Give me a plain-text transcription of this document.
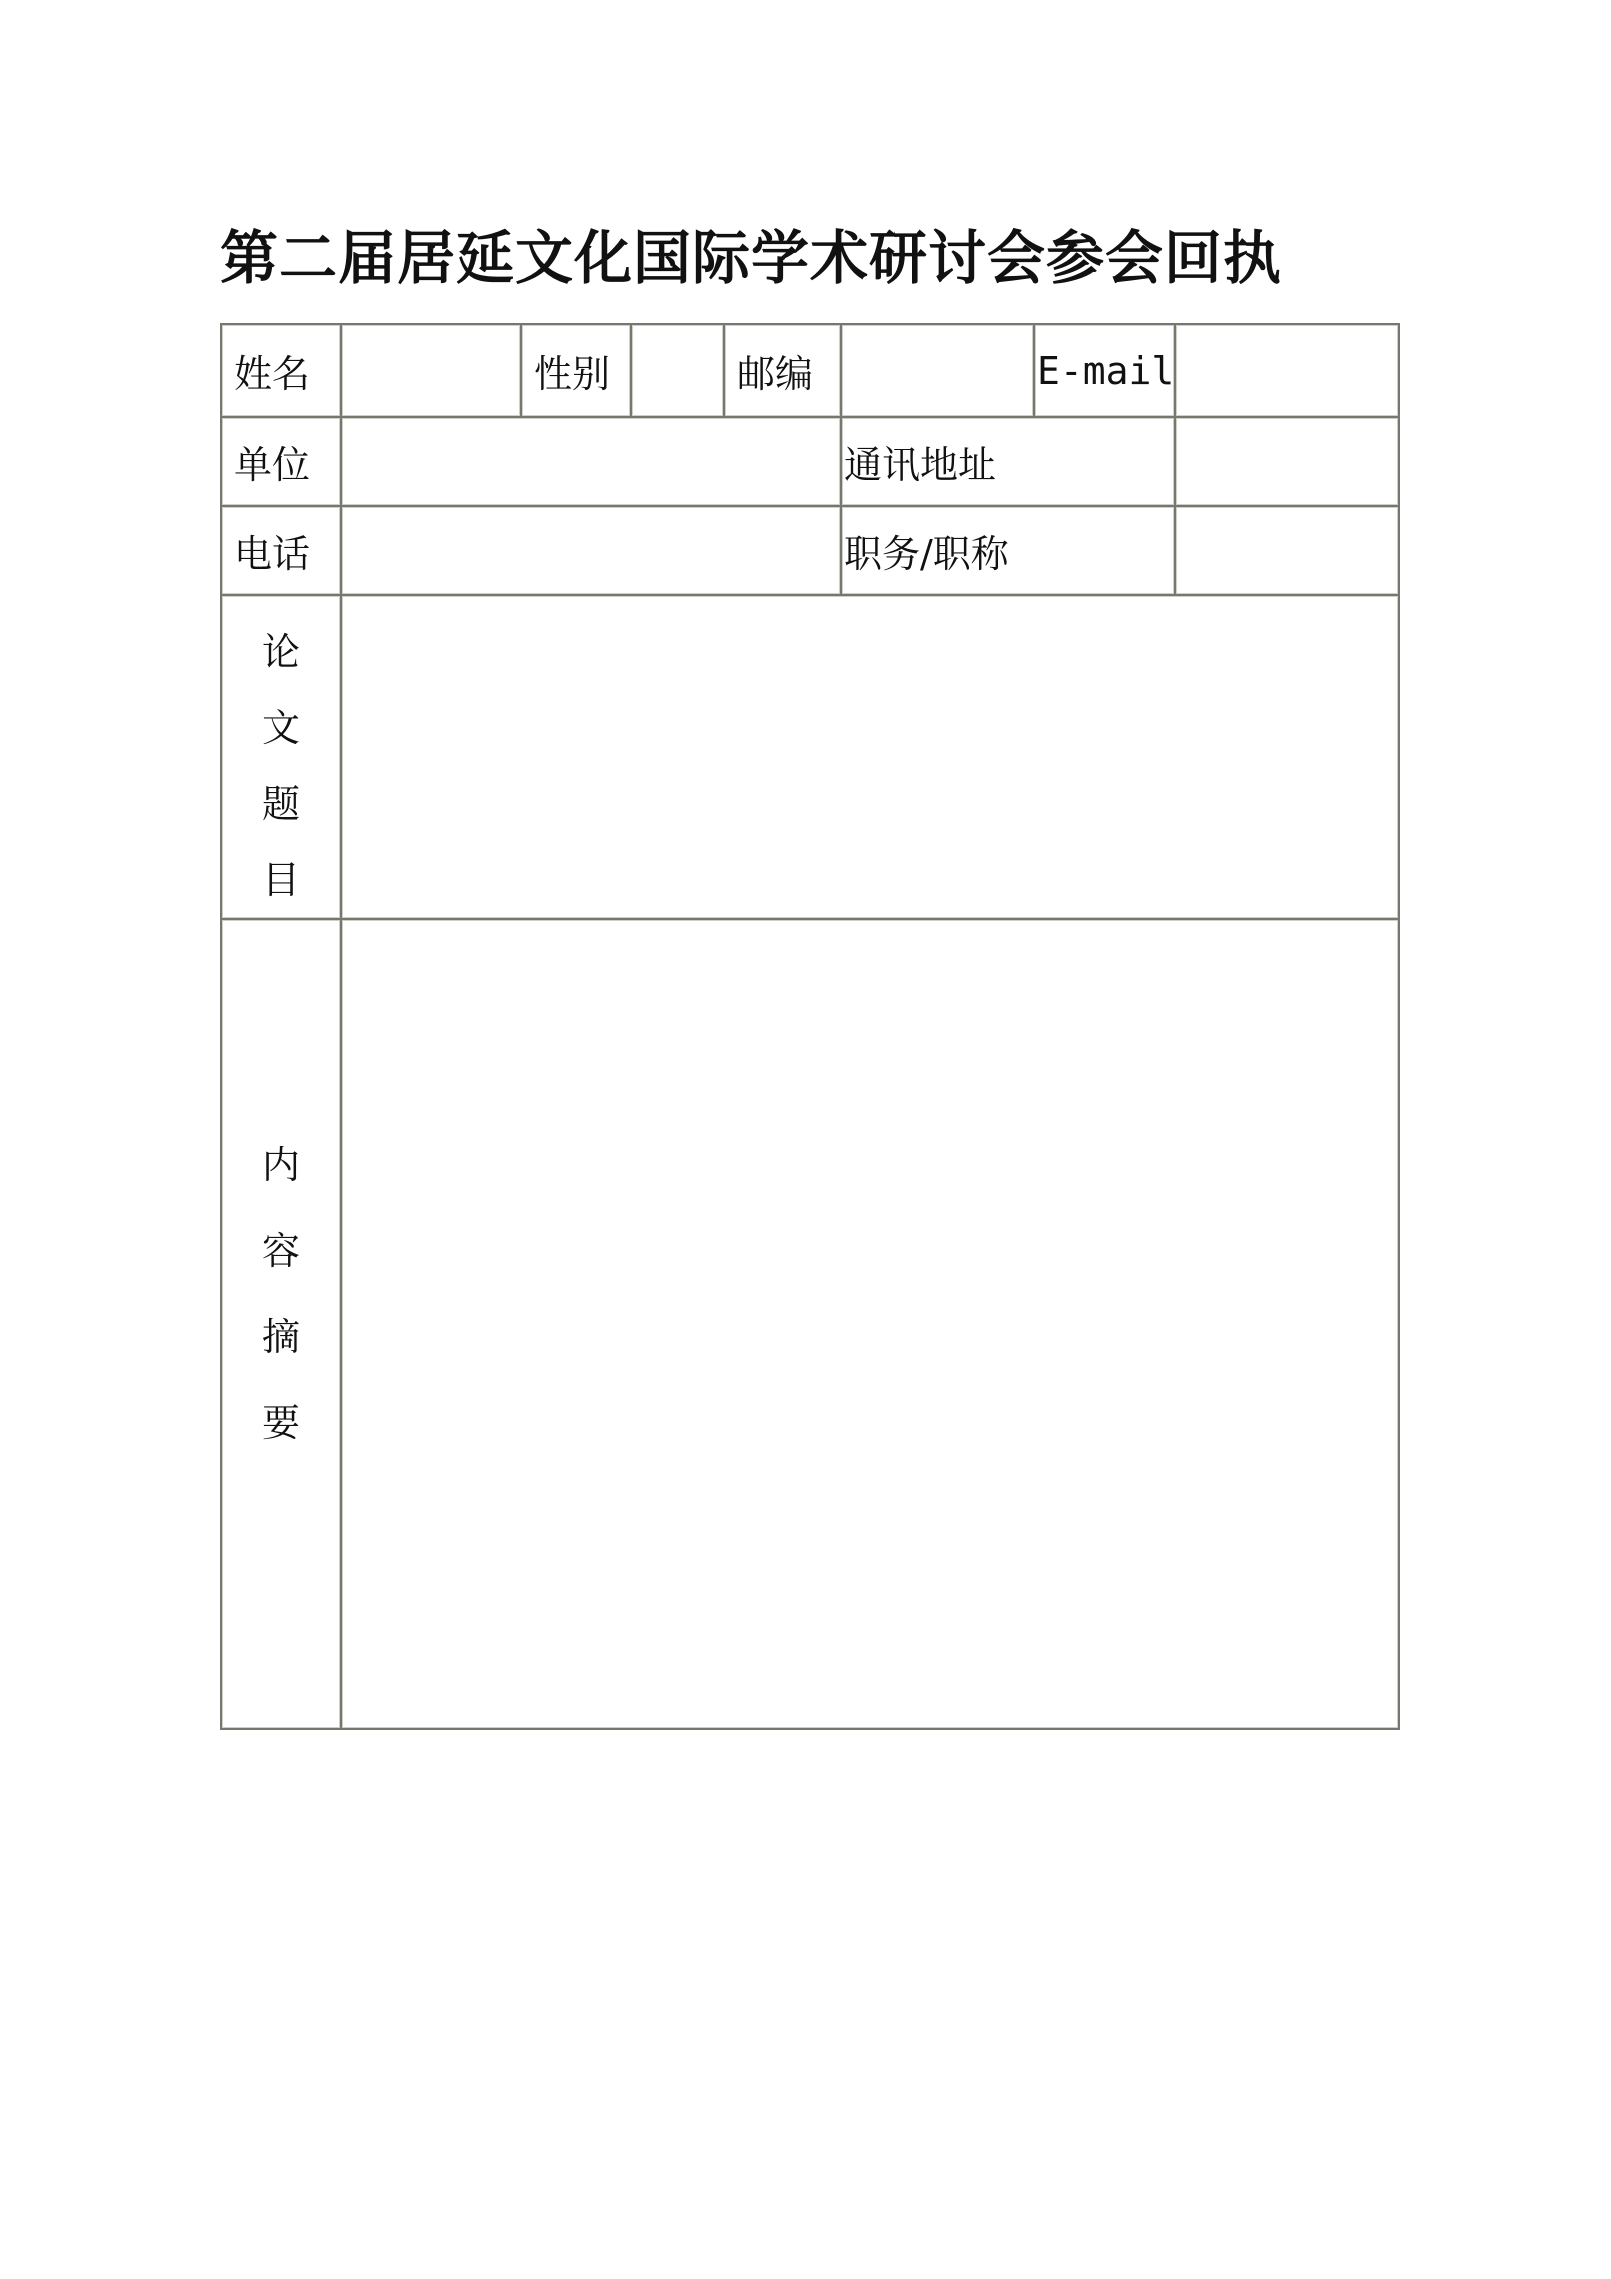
第二届居延文化国际学术研讨会参会回执
姓名		性别		邮编		E-mail	
单位					通讯地址		
电话					职务/职称		

论
文
题
目							

内
容
摘
要							
